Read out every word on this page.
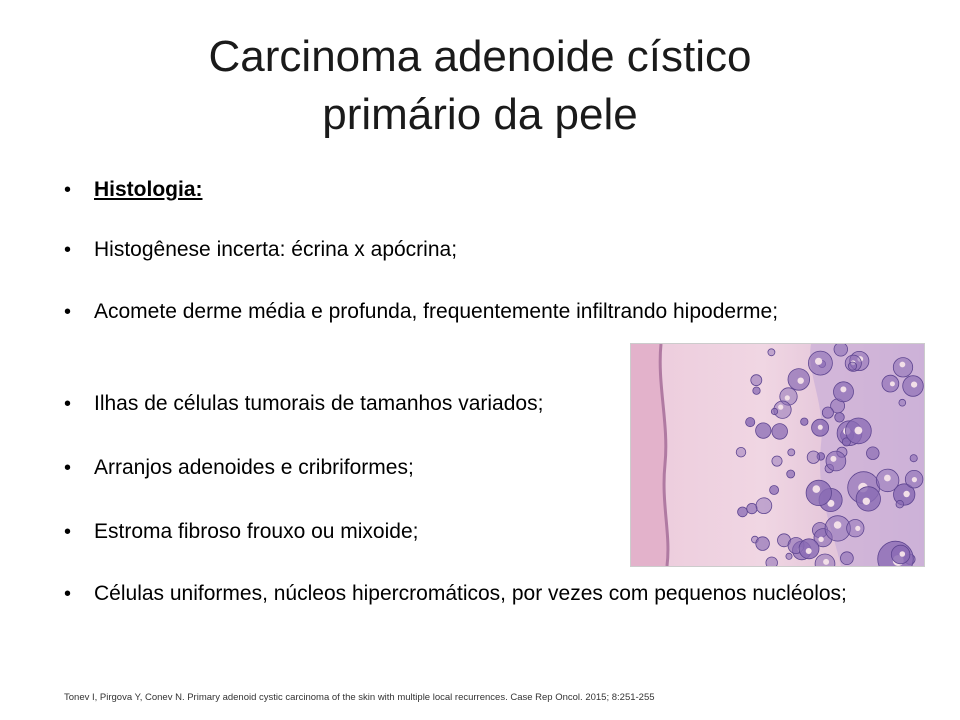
Carcinoma adenoide cístico
primário da pele
•	Histologia:
•	Histogênese incerta: écrina x apócrina;
•	Acomete derme média e profunda, frequentemente infiltrando hipoderme;
•	Ilhas de células tumorais de tamanhos variados;
•	Arranjos adenoides e cribriformes;
•	Estroma fibroso frouxo ou mixoide;
•	Células uniformes, núcleos hipercromáticos, por vezes com pequenos nucléolos;
Tonev I, Pirgova Y, Conev N. Primary adenoid cystic carcinoma of the skin with multiple local recurrences. Case Rep Oncol. 2015; 8:251-255
